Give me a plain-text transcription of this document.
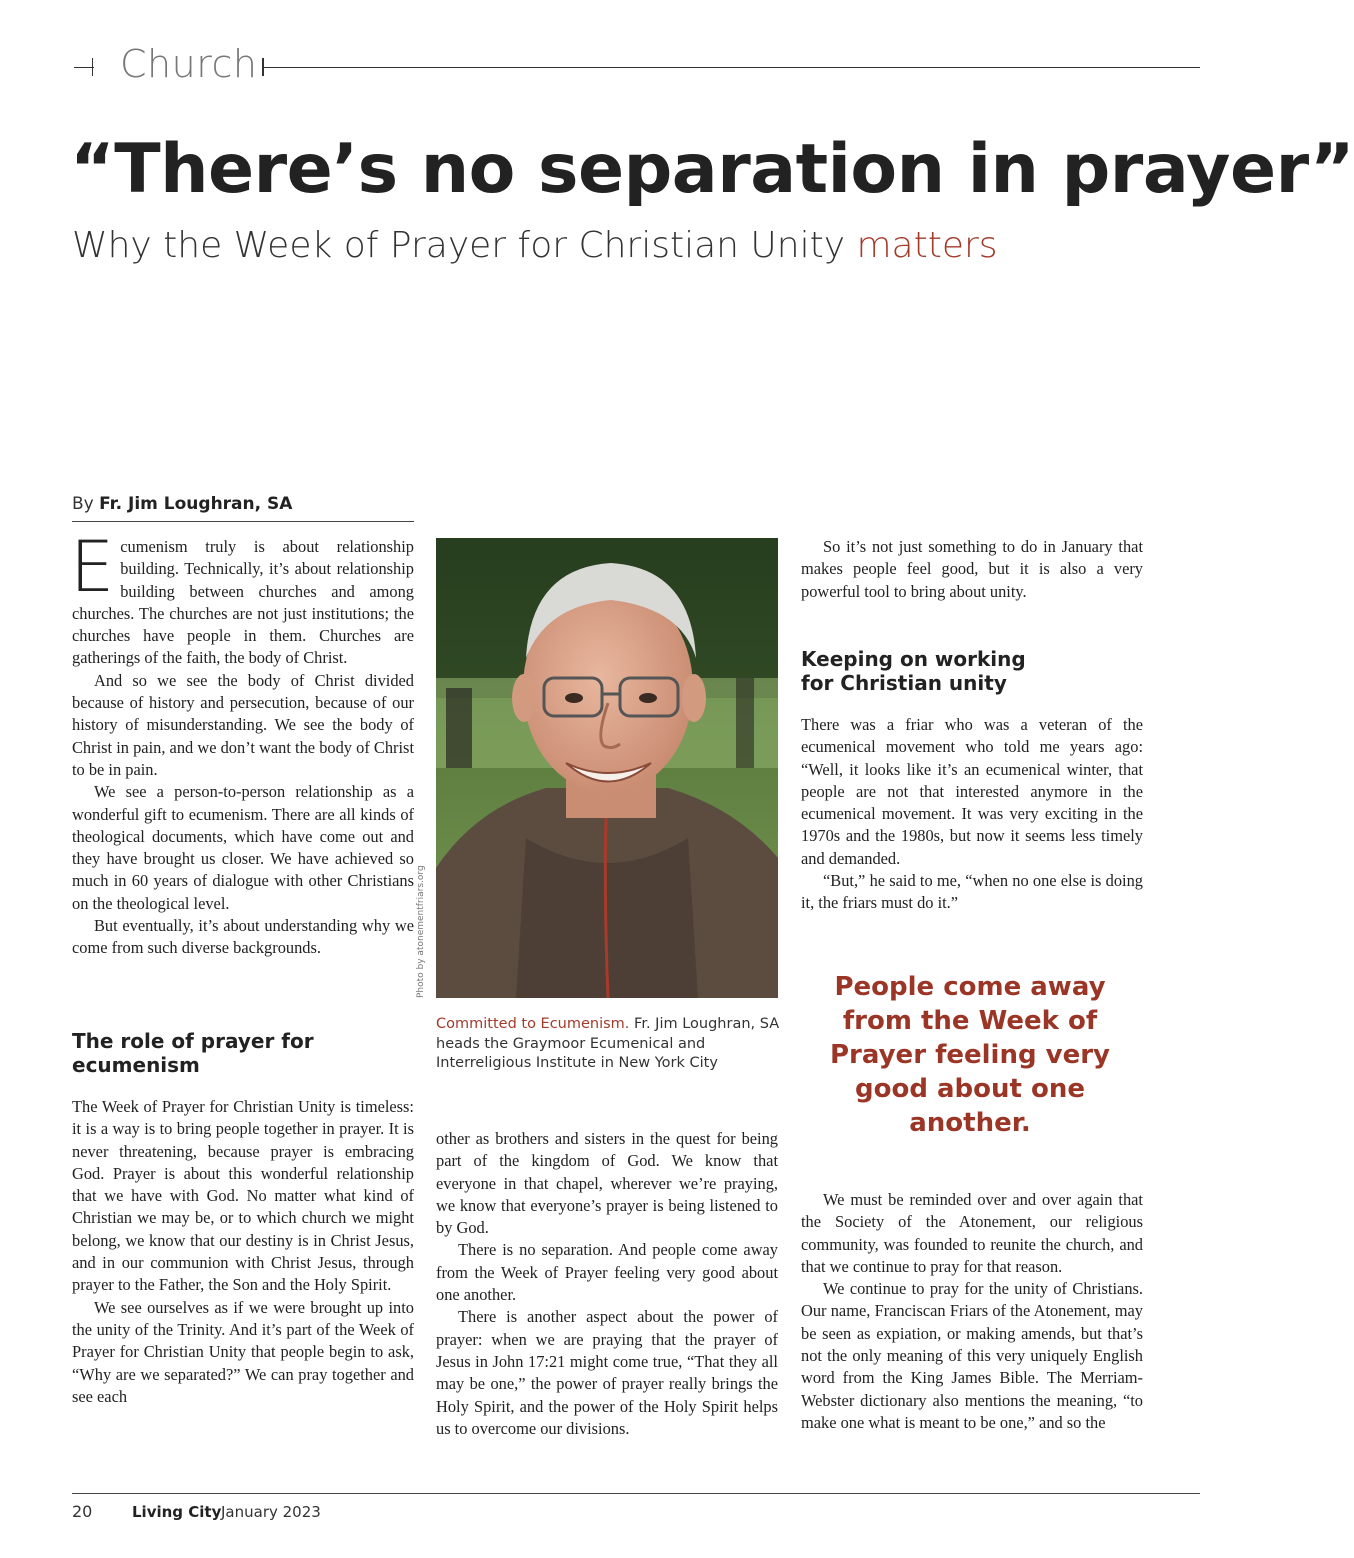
Church
“There’s no separation in prayer”
Why the Week of Prayer for Christian Unity matters
By Fr. Jim Loughran, SA

Ecumenism truly is about relationship building. Technically, it’s about relationship building between churches and among churches. The churches are not just institutions; the churches have people in them. Churches are gatherings of the faith, the body of Christ.

And so we see the body of Christ divided because of history and persecution, because of our history of misunderstanding. We see the body of Christ in pain, and we don’t want the body of Christ to be in pain.

We see a person-to-person relationship as a wonderful gift to ecumenism. There are all kinds of theological documents, which have come out and they have brought us closer. We have achieved so much in 60 years of dialogue with other Christians on the theological level.

But eventually, it’s about understanding why we come from such diverse backgrounds.

The role of prayer for ecumenism

The Week of Prayer for Christian Unity is timeless: it is a way is to bring people together in prayer. It is never threatening, because prayer is embracing God. Prayer is about this wonderful relationship that we have with God. No matter what kind of Christian we may be, or to which church we might belong, we know that our destiny is in Christ Jesus, and in our communion with Christ Jesus, through prayer to the Father, the Son and the Holy Spirit.

We see ourselves as if we were brought up into the unity of the Trinity. And it’s part of the Week of Prayer for Christian Unity that people begin to ask, “Why are we separated?” We can pray together and see each

Photo by atonementfriars.org
Committed to Ecumenism. Fr. Jim Loughran, SA heads the Graymoor Ecumenical and Interreligious Institute in New York City

other as brothers and sisters in the quest for being part of the kingdom of God. We know that everyone in that chapel, wherever we’re praying, we know that everyone’s prayer is being listened to by God.

There is no separation. And people come away from the Week of Prayer feeling very good about one another.

There is another aspect about the power of prayer: when we are praying that the prayer of Jesus in John 17:21 might come true, “That they all may be one,” the power of prayer really brings the Holy Spirit, and the power of the Holy Spirit helps us to overcome our divisions.

So it’s not just something to do in January that makes people feel good, but it is also a very powerful tool to bring about unity.

Keeping on working for Christian unity

There was a friar who was a veteran of the ecumenical movement who told me years ago: “Well, it looks like it’s an ecumenical winter, that people are not that interested anymore in the ecumenical movement. It was very exciting in the 1970s and the 1980s, but now it seems less timely and demanded.

“But,” he said to me, “when no one else is doing it, the friars must do it.”

People come away from the Week of Prayer feeling very good about one another.

We must be reminded over and over again that the Society of the Atonement, our religious community, was founded to reunite the church, and that we continue to pray for that reason.

We continue to pray for the unity of Christians. Our name, Franciscan Friars of the Atonement, may be seen as expiation, or making amends, but that’s not the only meaning of this very uniquely English word from the King James Bible. The Merriam-Webster dictionary also mentions the meaning, “to make one what is meant to be one,” and so the

20	Living City January 2023
